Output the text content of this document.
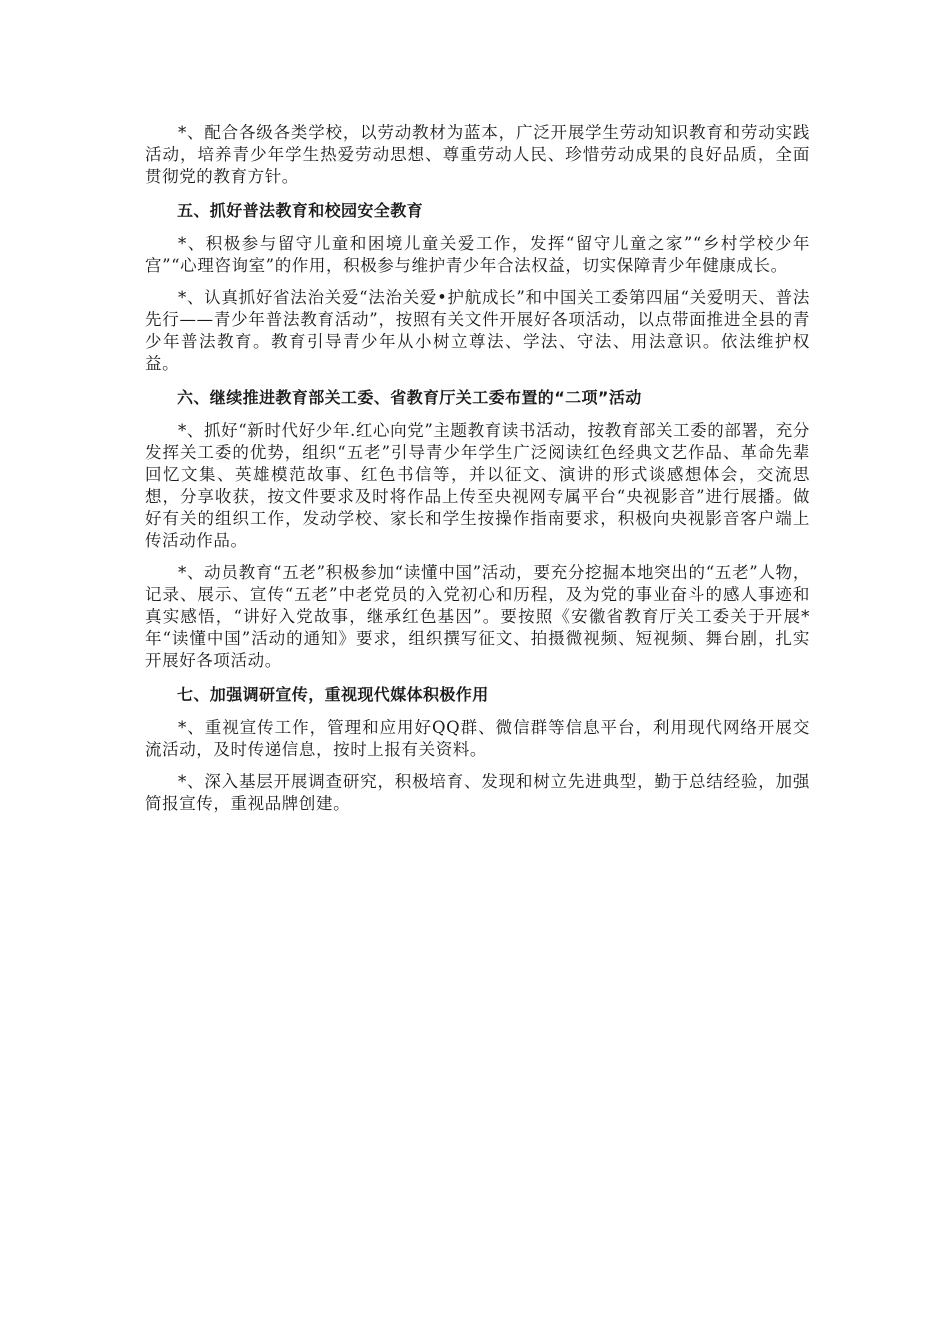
*、配合各级各类学校，以劳动教材为蓝本，广泛开展学生劳动知识教育和劳动实践活动，培养青少年学生热爱劳动思想、尊重劳动人民、珍惜劳动成果的良好品质，全面贯彻党的教育方针。

五、抓好普法教育和校园安全教育

*、积极参与留守儿童和困境儿童关爱工作，发挥“留守儿童之家”“乡村学校少年宫”“心理咨询室”的作用，积极参与维护青少年合法权益，切实保障青少年健康成长。

*、认真抓好省法治关爱“法治关爱•护航成长”和中国关工委第四届“关爱明天、普法先行——青少年普法教育活动”，按照有关文件开展好各项活动，以点带面推进全县的青少年普法教育。教育引导青少年从小树立尊法、学法、守法、用法意识。依法维护权益。

六、继续推进教育部关工委、省教育厅关工委布置的“二项”活动

*、抓好“新时代好少年.红心向党”主题教育读书活动，按教育部关工委的部署，充分发挥关工委的优势，组织“五老”引导青少年学生广泛阅读红色经典文艺作品、革命先辈回忆文集、英雄模范故事、红色书信等，并以征文、演讲的形式谈感想体会，交流思想，分享收获，按文件要求及时将作品上传至央视网专属平台“央视影音”进行展播。做好有关的组织工作，发动学校、家长和学生按操作指南要求，积极向央视影音客户端上传活动作品。

*、动员教育“五老”积极参加“读懂中国”活动，要充分挖掘本地突出的“五老”人物，记录、展示、宣传“五老”中老党员的入党初心和历程，及为党的事业奋斗的感人事迹和真实感悟，“讲好入党故事，继承红色基因”。要按照《安徽省教育厅关工委关于开展*年“读懂中国”活动的通知》要求，组织撰写征文、拍摄微视频、短视频、舞台剧，扎实开展好各项活动。

七、加强调研宣传，重视现代媒体积极作用

*、重视宣传工作，管理和应用好QQ群、微信群等信息平台，利用现代网络开展交流活动，及时传递信息，按时上报有关资料。

*、深入基层开展调查研究，积极培育、发现和树立先进典型，勤于总结经验，加强简报宣传，重视品牌创建。
